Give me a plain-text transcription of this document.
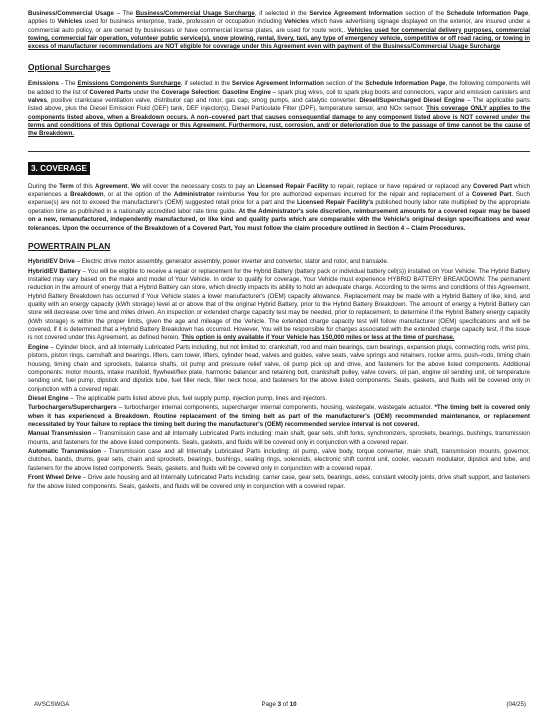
Business/Commercial Usage – The Business/Commercial Usage Surcharge, if selected in the Service Agreement Information section of the Schedule Information Page, applies to Vehicles used for business enterprise, trade, profession or occupation including Vehicles which have advertising signage displayed on the exterior, are insured under a commercial auto policy, or are owned by businesses or have commercial license plates, are used for route work,. Vehicles used for commercial delivery purposes, commercial towing, commercial fair operation, volunteer public service(s), snow plowing, rental, livery, taxi, any type of emergency vehicle, competitive or off road racing, or towing in excess of manufacturer recommendations are NOT eligible for coverage under this Agreement even with payment of the Business/Commercial Usage Surcharge

Optional Surcharges

Emissions - The Emissions Components Surcharge, if selected in the Service Agreement Information section of the Schedule Information Page, the following components will be added to the list of Covered Parts under the Coverage Selection: Gasoline Engine – spark plug wires, coil to spark plug boots and connectors, vapor and emission canisters and valves, positive crankcase ventilation valve, distributor cap and rotor, gas cap, smog pumps, and catalytic converter. Diesel/Supercharged Diesel Engine – The applicable parts listed above, plus the Diesel Emission Fluid (DEF) tank, DEF injector(s), Diesel Particulate Filter (DPF), temperature sensor, and NOx sensor. This coverage ONLY applies to the components listed above, when a Breakdown occurs. A non–covered part that causes consequential damage to any component listed above is NOT covered under the terms and conditions of this Optional Coverage or this Agreement. Furthermore, rust, corrosion, and/ or deterioration due to the passage of time cannot be the cause of the Breakdown.

3. COVERAGE

During the Term of this Agreement, We will cover the necessary costs to pay an Licensed Repair Facility to repair, replace or have repaired or replaced any Covered Part which experiences a Breakdown, or at the option of the Administrator reimburse You for pre authorized expenses incurred for the repair and replacement of a Covered Part. Such expense(s) are not to exceed the manufacturer's (OEM) suggested retail price for a part and the Licensed Repair Facility's published hourly labor rate multiplied by the appropriate operation time as published in a nationally accredited labor rate time guide. At the Administrator's sole discretion, reimbursement amounts for a covered repair may be based on a new, remanufactured, independently manufactured, or like kind and quality parts which are comparable with the Vehicle's original design specifications and wear tolerances. Upon the occurrence of the Breakdown of a Covered Part, You must follow the claim procedure outlined in Section 4 – Claim Procedures.

POWERTRAIN PLAN

Hybrid/EV Drive – Electric drive motor assembly, generator assembly, power inverter and converter, stator and rotor, and transaxle.

Hybrid/EV Battery – You will be eligible to receive a repair or replacement for the Hybrid Battery (battery pack or individual battery cell(s)) installed on Your Vehicle. The Hybrid Battery installed may vary based on the make and model of Your Vehicle. In order to qualify for coverage, Your Vehicle must experience HYBRID BATTERY BREAKDOWN: The permanent reduction in the amount of energy that a Hybrid Battery can store, which directly impacts its ability to hold an adequate charge. According to the terms and conditions of this Agreement, Hybrid Battery Breakdown has occurred if Your Vehicle states a lower manufacturer's (OEM) capacity allowance. Replacement may be made with a Hybrid Battery of like, kind, and quality with an energy capacity (kWh storage) level at or above that of the original Hybrid Battery, prior to the Hybrid Battery Breakdown. The amount of energy a Hybrid Battery can store will decrease over time and miles driven. An inspection or extended charge capacity test may be needed, prior to replacement, to determine if the Hybrid Battery energy capacity (kWh storage) is within the proper limits, given the age and mileage of the Vehicle. The extended charge capacity test will follow manufacturer (OEM) specifications and will be covered, if it is determined that a Hybrid Battery Breakdown has occurred. However, You will be responsible for charges associated with the extended charge capacity test, if the issue is not covered under this Agreement, as defined herein. This option is only available if Your Vehicle has 150,000 miles or less at the time of purchase.

Engine – Cylinder block, and all Internally Lubricated Parts including, but not limited to: crankshaft, rod and main bearings, cam bearings, expansion plugs, connecting rods, wrist pins, pistons, piston rings, camshaft and bearings, lifters, cam tower, lifters, cylinder head, valves and guides, valve seats, valve springs and retainers, rocker arms, push–rods, timing chain housing, timing chain and sprockets, balance shafts, oil pump and pressure relief valve, oil pump pick up and drive, and fasteners for the above listed components. Additional components: motor mounts, intake manifold, flywheel/flex plate, harmonic balancer and retaining bolt, crankshaft pulley, valve covers, oil pan, engine oil sending unit, oil temperature sending unit, fuel pump, dipstick and dipstick tube, fuel filler neck, filler neck hose, and fasteners for the above listed components. Seals, gaskets, and fluids will be covered only in conjunction with a covered repair.

Diesel Engine – The applicable parts listed above plus, fuel supply pump, injection pump, lines and injectors.

Turbochargers/Superchargers – turbocharger internal components, supercharger internal components, housing, wastegate, wastegate actuator. *The timing belt is covered only when it has experienced a Breakdown. Routine replacement of the timing belt as part of the manufacturer's (OEM) recommended maintenance, or replacement necessitated by Your failure to replace the timing belt during the manufacturer's (OEM) recommended service interval is not covered.

Manual Transmission – Transmission case and all Internally Lubricated Parts including: main shaft, gear sets, shift forks, synchronizers, sprockets, bearings, bushings, transmission mounts, and fasteners for the above listed components. Seals, gaskets, and fluids will be covered only in conjunction with a covered repair.

Automatic Transmission - Transmission case and all Internally Lubricated Parts including: oil pump, valve body, torque converter, main shaft, transmission mounts, governor, clutches, bands, drums, gear sets, chain and sprockets, bearings, bushings, sealing rings, solenoids, electronic shift control unit, cooler, vacuum modulator, dipstick and tube, and fasteners for the above listed components. Seals, gaskets, and fluids will be covered only in conjunction with a covered repair.

Front Wheel Drive – Drive axle housing and all Internally Lubricated Parts including: carrier case, gear sets, bearings, axles, constant velocity joints, drive shaft support, and fasteners for the above listed components. Seals, gaskets, and fluids will be covered only in conjunction with a covered repair.

AVSCSWGA	Page 3 of 10	(04/25)
